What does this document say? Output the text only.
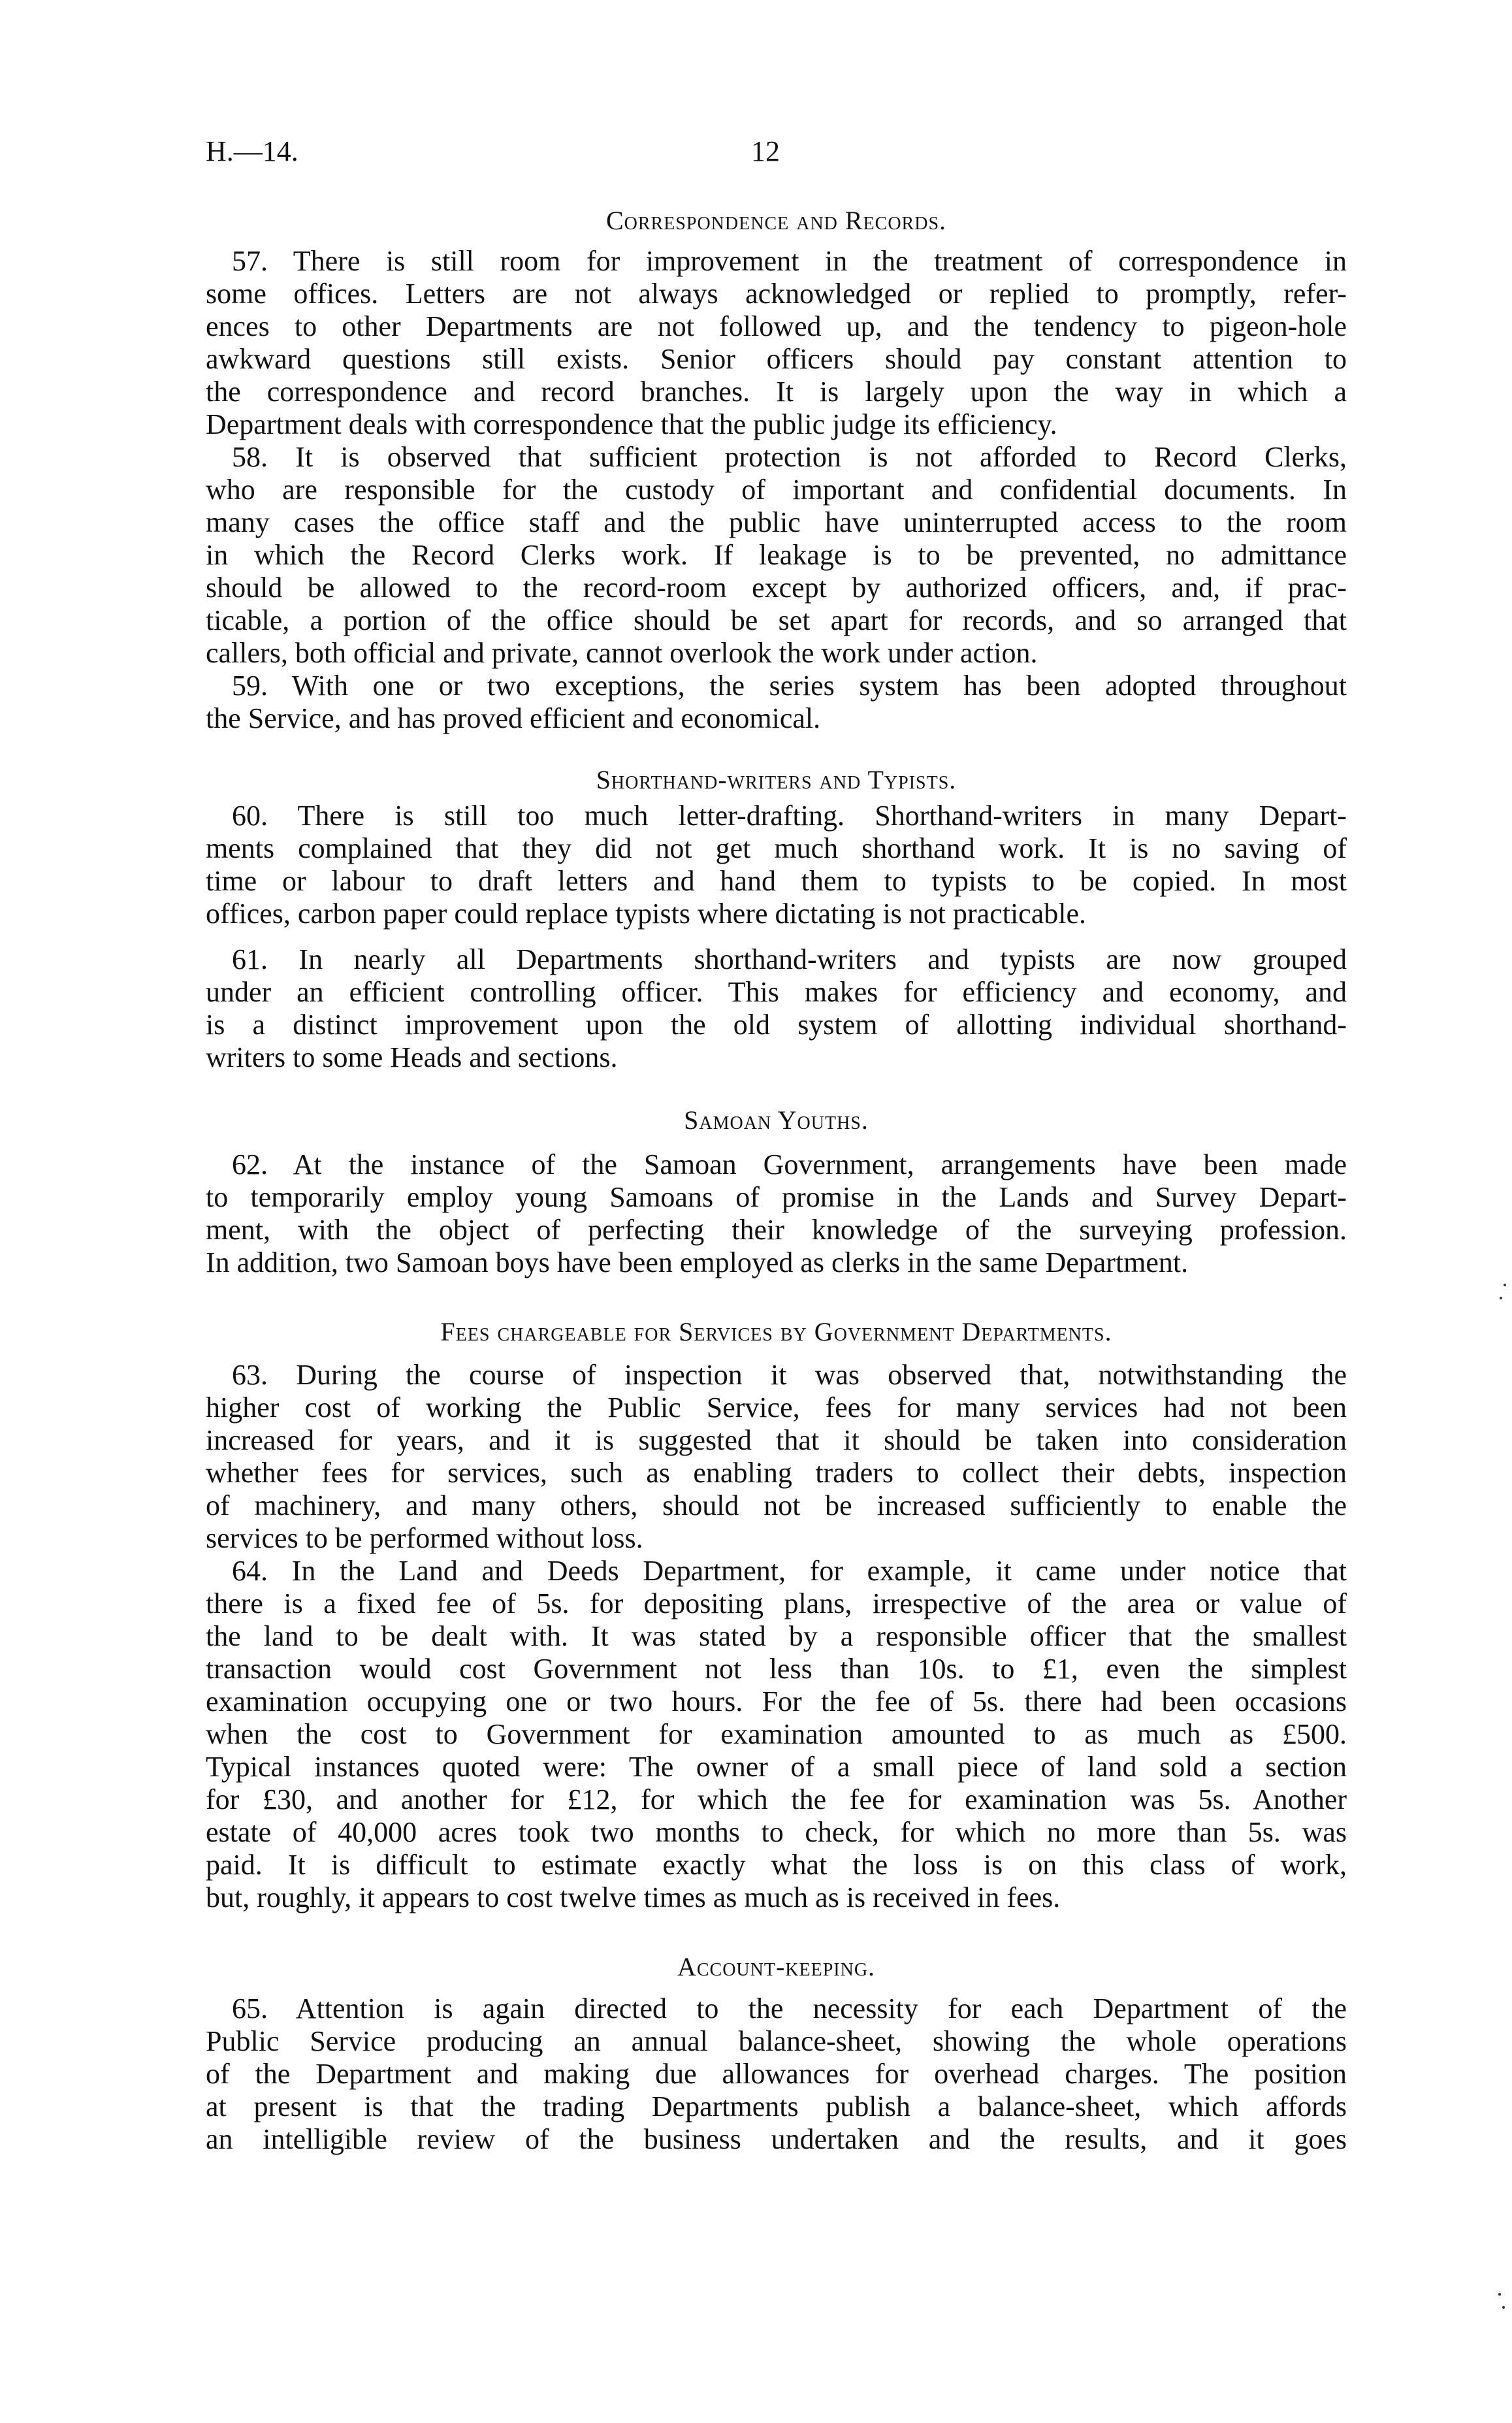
H.—14.	12
Correspondence and Records.
57. There is still room for improvement in the treatment of correspondence in
some offices. Letters are not always acknowledged or replied to promptly, refer-
ences to other Departments are not followed up, and the tendency to pigeon-hole
awkward questions still exists. Senior officers should pay constant attention to
the correspondence and record branches. It is largely upon the way in which a
Department deals with correspondence that the public judge its efficiency.
58. It is observed that sufficient protection is not afforded to Record Clerks,
who are responsible for the custody of important and confidential documents. In
many cases the office staff and the public have uninterrupted access to the room
in which the Record Clerks work. If leakage is to be prevented, no admittance
should be allowed to the record-room except by authorized officers, and, if prac-
ticable, a portion of the office should be set apart for records, and so arranged that
callers, both official and private, cannot overlook the work under action.
59. With one or two exceptions, the series system has been adopted throughout
the Service, and has proved efficient and economical.
Shorthand-writers and Typists.
60. There is still too much letter-drafting. Shorthand-writers in many Depart-
ments complained that they did not get much shorthand work. It is no saving of
time or labour to draft letters and hand them to typists to be copied. In most
offices, carbon paper could replace typists where dictating is not practicable.
61. In nearly all Departments shorthand-writers and typists are now grouped
under an efficient controlling officer. This makes for efficiency and economy, and
is a distinct improvement upon the old system of allotting individual shorthand-
writers to some Heads and sections.
Samoan Youths.
62. At the instance of the Samoan Government, arrangements have been made
to temporarily employ young Samoans of promise in the Lands and Survey Depart-
ment, with the object of perfecting their knowledge of the surveying profession.
In addition, two Samoan boys have been employed as clerks in the same Department.
Fees chargeable for Services by Government Departments.
63. During the course of inspection it was observed that, notwithstanding the
higher cost of working the Public Service, fees for many services had not been
increased for years, and it is suggested that it should be taken into consideration
whether fees for services, such as enabling traders to collect their debts, inspection
of machinery, and many others, should not be increased sufficiently to enable the
services to be performed without loss.
64. In the Land and Deeds Department, for example, it came under notice that
there is a fixed fee of 5s. for depositing plans, irrespective of the area or value of
the land to be dealt with. It was stated by a responsible officer that the smallest
transaction would cost Government not less than 10s. to £1, even the simplest
examination occupying one or two hours. For the fee of 5s. there had been occasions
when the cost to Government for examination amounted to as much as £500.
Typical instances quoted were: The owner of a small piece of land sold a section
for £30, and another for £12, for which the fee for examination was 5s. Another
estate of 40,000 acres took two months to check, for which no more than 5s. was
paid. It is difficult to estimate exactly what the loss is on this class of work,
but, roughly, it appears to cost twelve times as much as is received in fees.
Account-keeping.
65. Attention is again directed to the necessity for each Department of the
Public Service producing an annual balance-sheet, showing the whole operations
of the Department and making due allowances for overhead charges. The position
at present is that the trading Departments publish a balance-sheet, which affords
an intelligible review of the business undertaken and the results, and it goes
